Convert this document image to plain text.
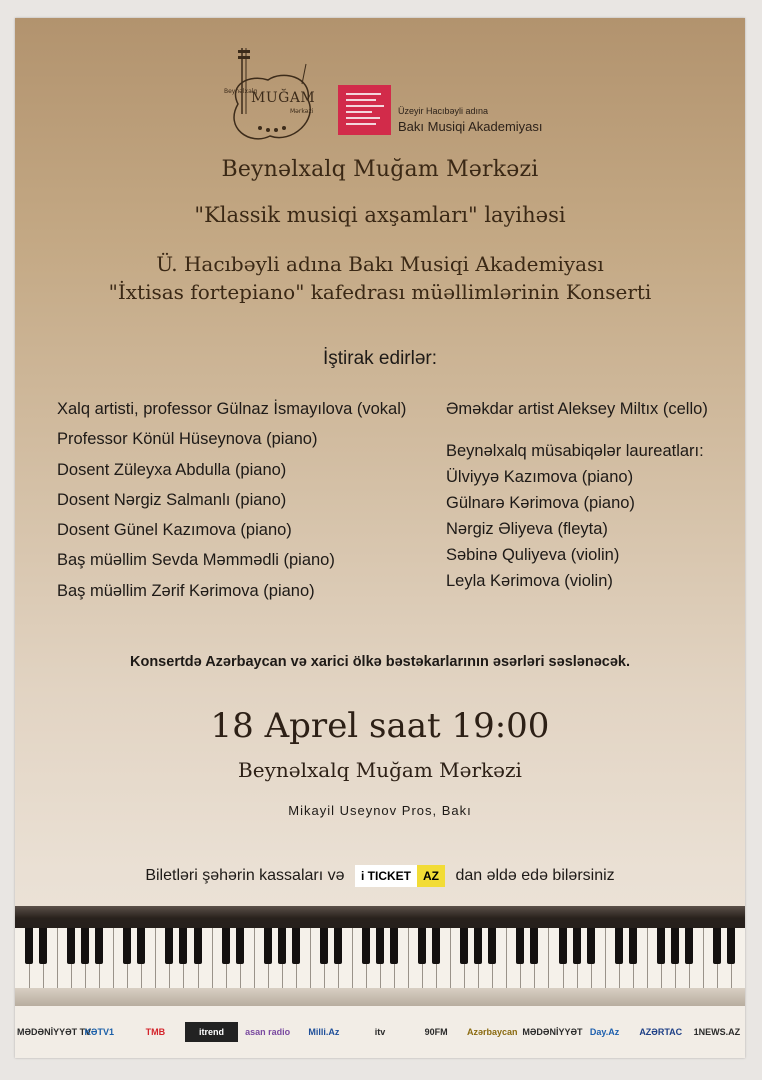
Beynəlxalq
MUĞAM
Mərkəzi	Üzeyir Hacıbəyli adına
Bakı Musiqi Akademiyası
Beynəlxalq Muğam Mərkəzi
"Klassik musiqi axşamları" layihəsi
Ü. Hacıbəyli adına Bakı Musiqi Akademiyası
"İxtisas fortepiano" kafedrası müəllimlərinin Konserti
İştirak edirlər:
Xalq artisti, professor Gülnaz İsmayılova (vokal)
Professor Könül Hüseynova (piano)
Dosent Züleyxa Abdulla (piano)
Dosent Nərgiz Salmanlı (piano)
Dosent Günel Kazımova (piano)
Baş müəllim Sevda Məmmədli (piano)
Baş müəllim Zərif Kərimova (piano)
Əməkdar artist Aleksey Miltıx (cello)
Beynəlxalq müsabiqələr laureatları:
Ülviyyə Kazımova (piano)
Gülnarə Kərimova (piano)
Nərgiz Əliyeva (fleyta)
Səbinə Quliyeva (violin)
Leyla Kərimova (violin)
Konsertdə Azərbaycan və xarici ölkə bəstəkarlarının əsərləri səslənəcək.
18 Aprel saat 19:00
Beynəlxalq Muğam Mərkəzi
Mikayil Useynov Pros, Bakı
Biletləri şəhərin kassaları və	i TICKET	AZ	dan əldə edə bilərsiniz
MƏDƏNİYYƏT TV
KƏTV1	TMB	itrend	asan radio	Milli.Az	itv	90FM	Azərbaycan MƏDƏNİYYƏT Day.Az	AZƏRTAC	1NEWS.AZ
